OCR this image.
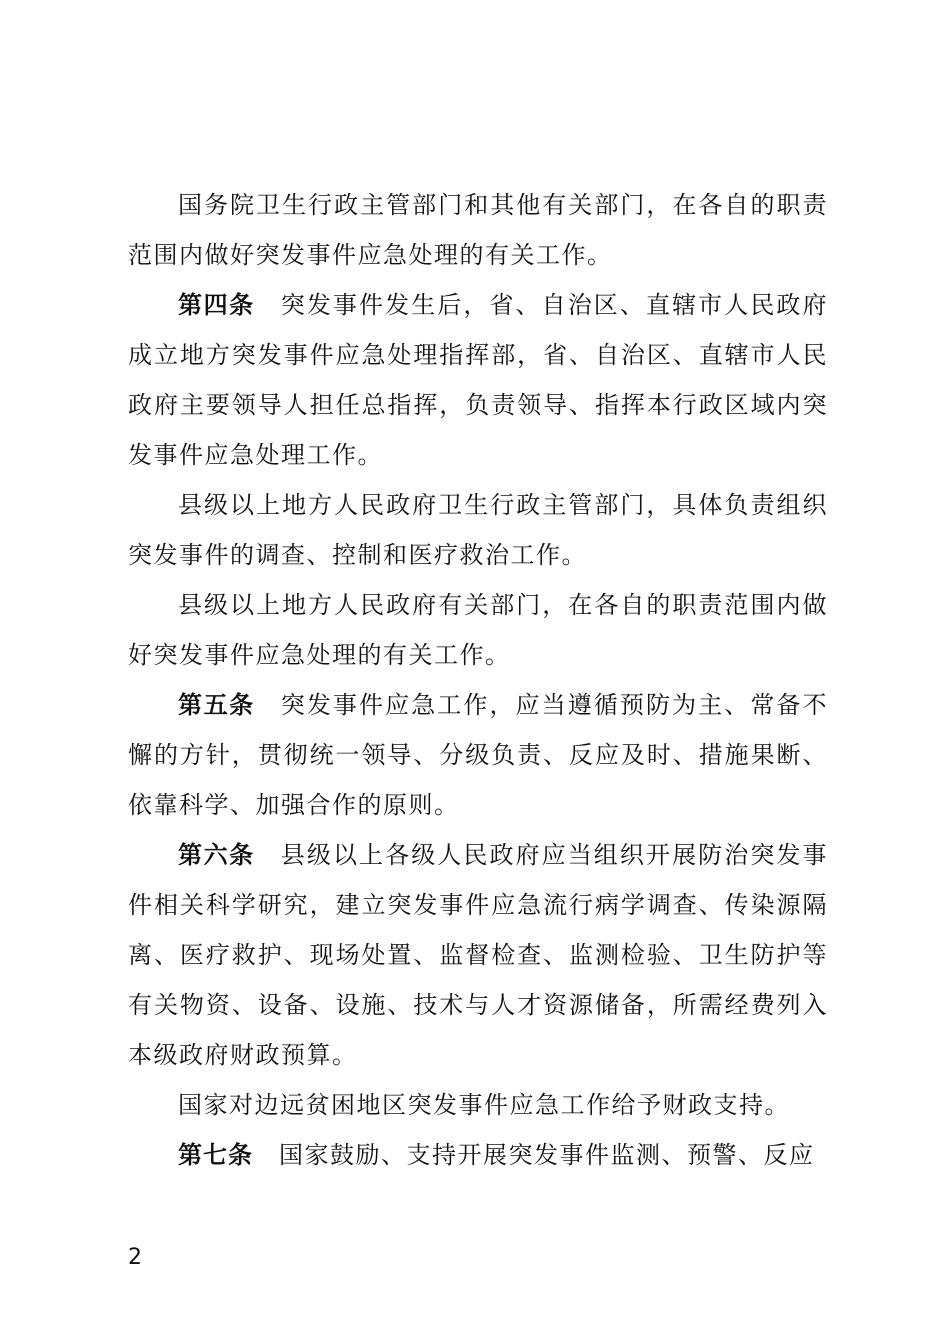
国务院卫生行政主管部门和其他有关部门，在各自的职责范围内做好突发事件应急处理的有关工作。

第四条 突发事件发生后，省、自治区、直辖市人民政府成立地方突发事件应急处理指挥部，省、自治区、直辖市人民政府主要领导人担任总指挥，负责领导、指挥本行政区域内突发事件应急处理工作。

县级以上地方人民政府卫生行政主管部门，具体负责组织突发事件的调查、控制和医疗救治工作。

县级以上地方人民政府有关部门，在各自的职责范围内做好突发事件应急处理的有关工作。

第五条 突发事件应急工作，应当遵循预防为主、常备不懈的方针，贯彻统一领导、分级负责、反应及时、措施果断、依靠科学、加强合作的原则。

第六条 县级以上各级人民政府应当组织开展防治突发事件相关科学研究，建立突发事件应急流行病学调查、传染源隔离、医疗救护、现场处置、监督检查、监测检验、卫生防护等有关物资、设备、设施、技术与人才资源储备，所需经费列入本级政府财政预算。

国家对边远贫困地区突发事件应急工作给予财政支持。

第七条 国家鼓励、支持开展突发事件监测、预警、反应

2
